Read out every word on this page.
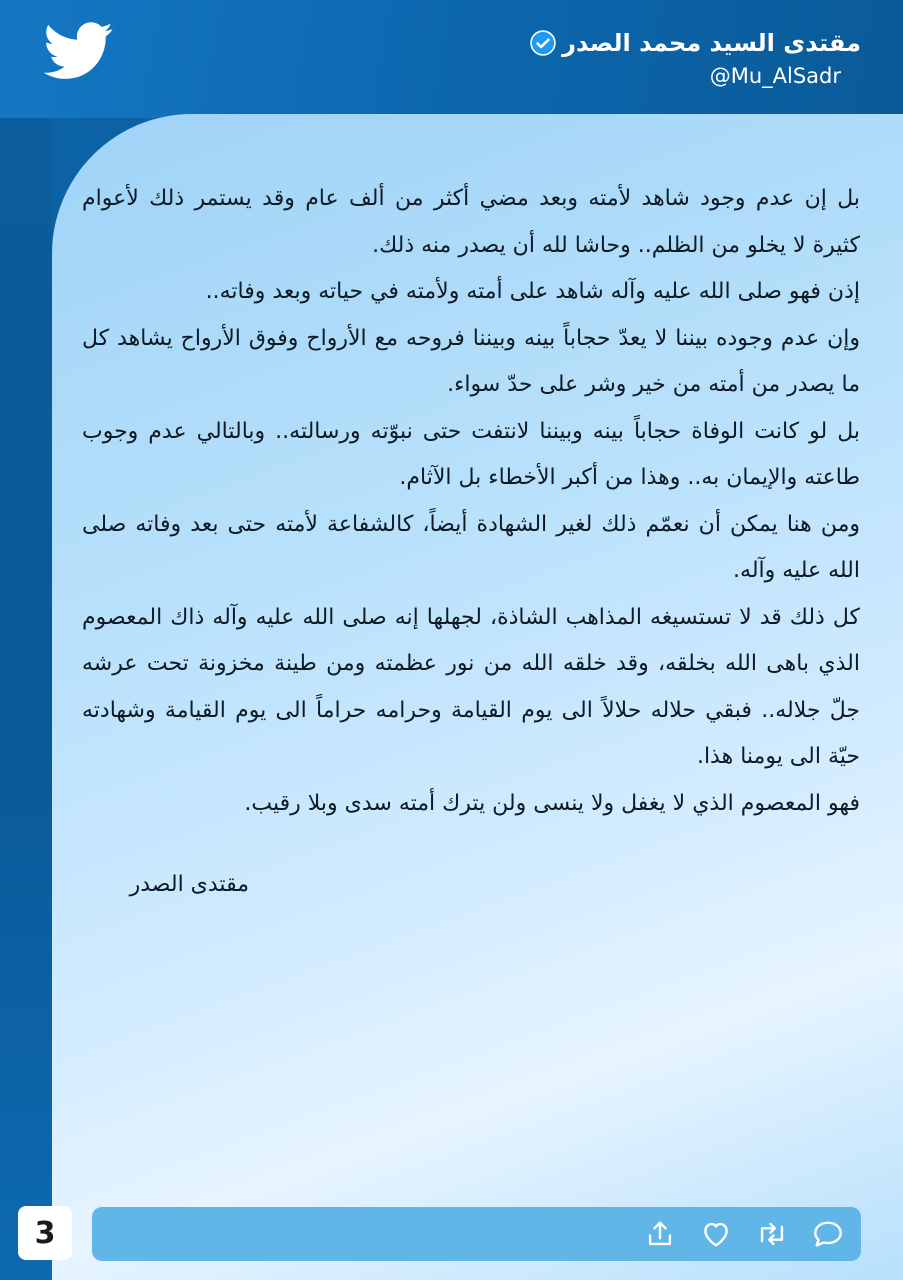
مقتدى السيد محمد الصدر
@Mu_AlSadr

بل إن عدم وجود شاهد لأمته وبعد مضي أكثر من ألف عام وقد يستمر ذلك لأعوام كثيرة لا يخلو من الظلم.. وحاشا لله أن يصدر منه ذلك.

إذن فهو صلى الله عليه وآله شاهد على أمته ولأمته في حياته وبعد وفاته..

وإن عدم وجوده بيننا لا يعدّ حجاباً بينه وبيننا فروحه مع الأرواح وفوق الأرواح يشاهد كل ما يصدر من أمته من خير وشر على حدّ سواء.

بل لو كانت الوفاة حجاباً بينه وبيننا لانتفت حتى نبوّته ورسالته.. وبالتالي عدم وجوب طاعته والإيمان به.. وهذا من أكبر الأخطاء بل الآثام.

ومن هنا يمكن أن نعمّم ذلك لغير الشهادة أيضاً، كالشفاعة لأمته حتى بعد وفاته صلى الله عليه وآله.

كل ذلك قد لا تستسيغه المذاهب الشاذة، لجهلها إنه صلى الله عليه وآله ذاك المعصوم الذي باهى الله بخلقه، وقد خلقه الله من نور عظمته ومن طينة مخزونة تحت عرشه جلّ جلاله.. فبقي حلاله حلالاً الى يوم القيامة وحرامه حراماً الى يوم القيامة وشهادته حيّة الى يومنا هذا.

فهو المعصوم الذي لا يغفل ولا ينسى ولن يترك أمته سدى وبلا رقيب.

مقتدى الصدر
3
